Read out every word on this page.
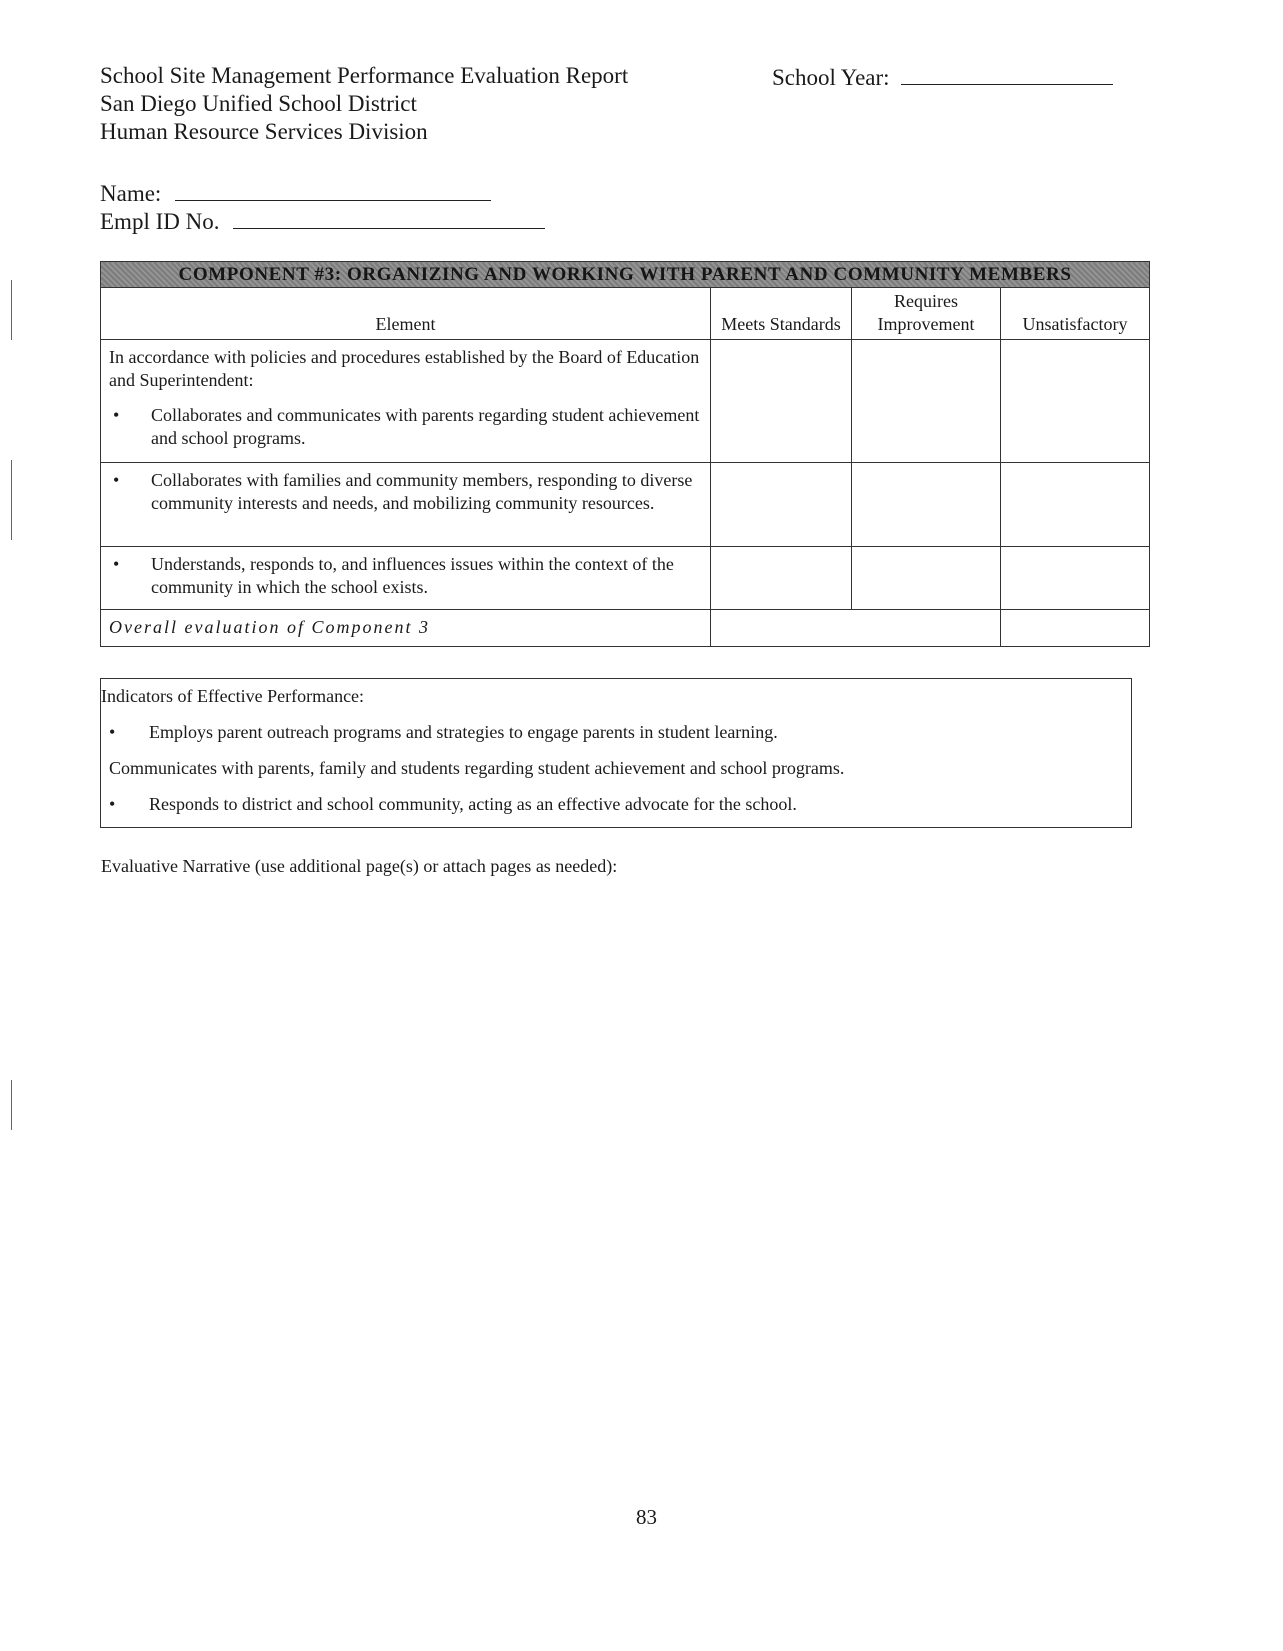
School Site Management Performance Evaluation Report
San Diego Unified School District
Human Resource Services Division
School Year:
Name:
Empl ID No.
COMPONENT #3: ORGANIZING AND WORKING WITH PARENT AND COMMUNITY MEMBERS			
Element	Meets Standards	Requires Improvement	Unsatisfactory

In accordance with policies and procedures established by the Board of Education and Superintendent:
• Collaborates and communicates with parents regarding student achievement and school programs.			

• Collaborates with families and community members, responding to diverse community interests and needs, and mobilizing community resources.			

• Understands, responds to, and influences issues within the context of the community in which the school exists.			

Overall evaluation of Component 3			
Indicators of Effective Performance:
• Employs parent outreach programs and strategies to engage parents in student learning.
Communicates with parents, family and students regarding student achievement and school programs.
• Responds to district and school community, acting as an effective advocate for the school.
Evaluative Narrative (use additional page(s) or attach pages as needed):
83
